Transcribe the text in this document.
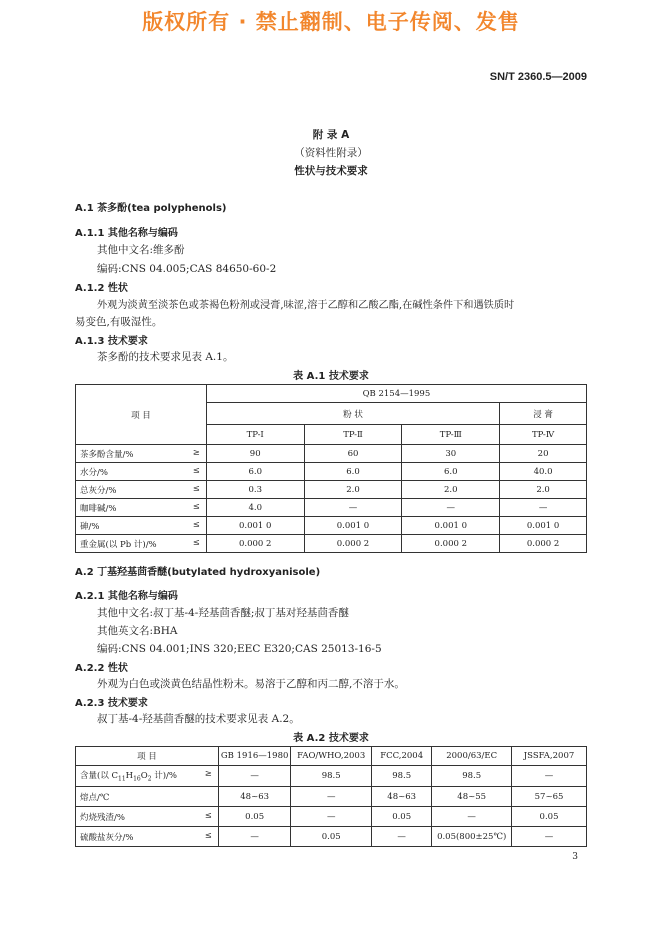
版权所有 · 禁止翻制、电子传阅、发售
SN/T 2360.5—2009
附 录 A
（资料性附录）
性状与技术要求
A.1 茶多酚(tea polyphenols)
A.1.1 其他名称与编码
其他中文名:维多酚
编码:CNS 04.005;CAS 84650-60-2
A.1.2 性状
外观为淡黄至淡茶色或茶褐色粉剂或浸膏,味涩,溶于乙醇和乙酸乙酯,在碱性条件下和遇铁质时
易变色,有吸湿性。
A.1.3 技术要求
茶多酚的技术要求见表 A.1。
表 A.1 技术要求
项 目	QB 2154—1995			
	粉 状			浸 膏
	TP-Ⅰ	TP-Ⅱ	TP-Ⅲ	TP-Ⅳ
茶多酚含量/% ≥	90	60	30	20
水分/% ≤	6.0	6.0	6.0	40.0
总灰分/% ≤	0.3	2.0	2.0	2.0
咖啡碱/% ≤	4.0	—	—	—
砷/% ≤	0.001 0	0.001 0	0.001 0	0.001 0
重金属(以 Pb 计)/% ≤	0.000 2	0.000 2	0.000 2	0.000 2
A.2 丁基羟基茴香醚(butylated hydroxyanisole)
A.2.1 其他名称与编码
其他中文名:叔丁基-4-羟基茴香醚;叔丁基对羟基茴香醚
其他英文名:BHA
编码:CNS 04.001;INS 320;EEC E320;CAS 25013-16-5
A.2.2 性状
外观为白色或淡黄色结晶性粉末。易溶于乙醇和丙二醇,不溶于水。
A.2.3 技术要求
叔丁基-4-羟基茴香醚的技术要求见表 A.2。
表 A.2 技术要求
项 目	GB 1916—1980	FAO/WHO,2003	FCC,2004	2000/63/EC	JSSFA,2007
含量(以 $C_{11}H_{16}O_2$ 计)/% ≥	—	98.5	98.5	98.5	—
熔点/℃	48~63	—	48~63	48~55	57~65
灼烧残渣/% ≤	0.05	—	0.05	—	0.05
硫酸盐灰分/% ≤	—	0.05	—	0.05(800±25℃)	—
3
